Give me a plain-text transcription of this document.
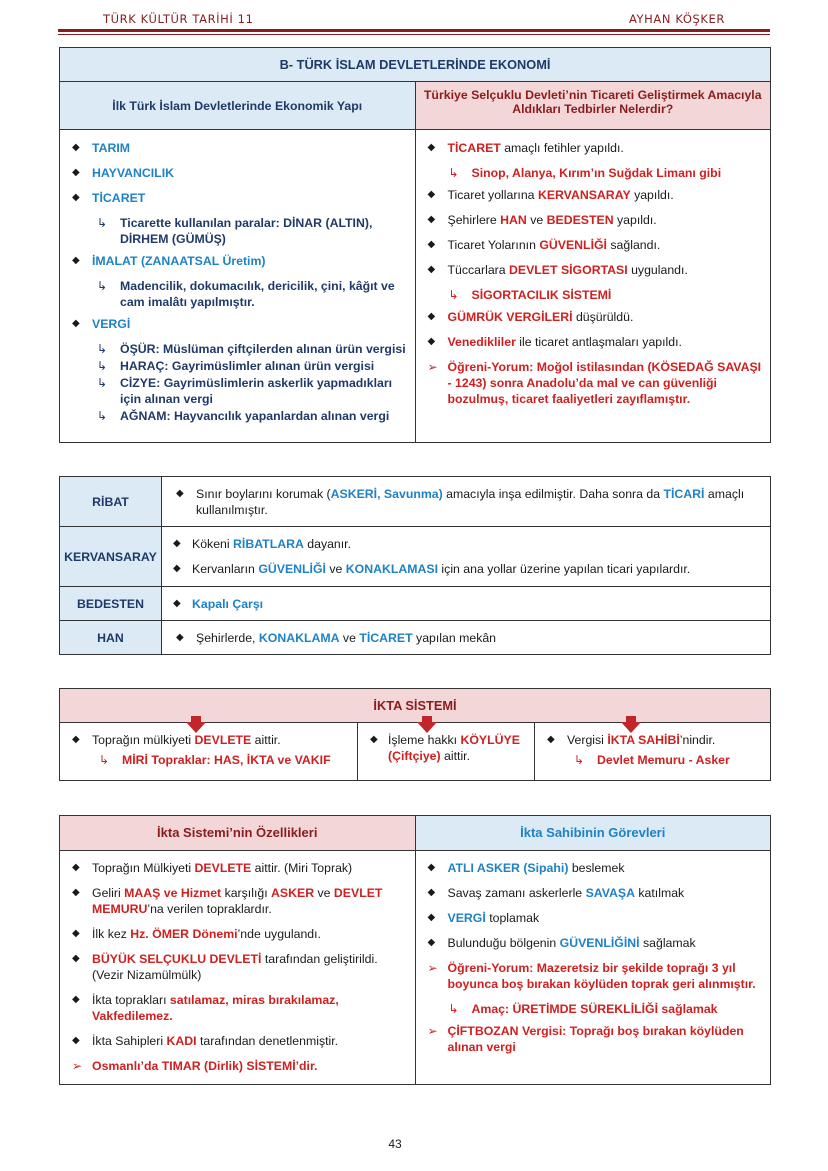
TÜRK KÜLTÜR TARİHİ 11	AYHAN KÖŞKER
B- TÜRK İSLAM DEVLETLERİNDE EKONOMİ
İlk Türk İslam Devletlerinde Ekonomik Yapı
Türkiye Selçuklu Devleti’nin Ticareti Geliştirmek Amacıyla Aldıkları Tedbirler Nelerdir?
◆ TARIM
◆ HAYVANCILIK
◆ TİCARET
↳ Ticarette kullanılan paralar: DİNAR (ALTIN), DİRHEM (GÜMÜŞ)
◆ İMALAT (ZANAATSAL Üretim)
↳ Madencilik, dokumacılık, dericilik, çini, kâğıt ve cam imalâtı yapılmıştır.
◆ VERGİ
↳ ÖŞÜR: Müslüman çiftçilerden alınan ürün vergisi
↳ HARAÇ: Gayrimüslimler alınan ürün vergisi
↳ CİZYE: Gayrimüslimlerin askerlik yapmadıkları için alınan vergi
↳ AĞNAM: Hayvancılık yapanlardan alınan vergi
◆ TİCARET amaçlı fetihler yapıldı.
↳ Sinop, Alanya, Kırım’ın Suğdak Limanı gibi
◆ Ticaret yollarına KERVANSARAY yapıldı.
◆ Şehirlere HAN ve BEDESTEN yapıldı.
◆ Ticaret Yolarının GÜVENLİĞİ sağlandı.
◆ Tüccarlara DEVLET SİGORTASI uygulandı.
↳ SİGORTACILIK SİSTEMİ
◆ GÜMRÜK VERGİLERİ düşürüldü.
◆ Venedikliler ile ticaret antlaşmaları yapıldı.
➢ Öğreni-Yorum: Moğol istilasından (KÖSEDAĞ SAVAŞI - 1243) sonra Anadolu’da mal ve can güvenliği bozulmuş, ticaret faaliyetleri zayıflamıştır.
RİBAT	◆ Sınır boylarını korumak (ASKERİ, Savunma) amacıyla inşa edilmiştir. Daha sonra da TİCARİ amaçlı kullanılmıştır.

KERVANSARAY	◆ Kökeni RİBATLARA dayanır.
◆ Kervanların GÜVENLİĞİ ve KONAKLAMASI için ana yollar üzerine yapılan ticari yapılardır.

BEDESTEN	◆ Kapalı Çarşı

HAN	◆ Şehirlerde, KONAKLAMA ve TİCARET yapılan mekân
İKTA SİSTEMİ
◆ Toprağın mülkiyeti DEVLETE aittir.
↳ MİRİ Topraklar: HAS, İKTA ve VAKIF
◆ İşleme hakkı KÖYLÜYE (Çiftçiye) aittir.
◆ Vergisi İKTA SAHİBİ’nindir.
↳ Devlet Memuru - Asker
İkta Sistemi’nin Özellikleri	İkta Sahibinin Görevleri
◆ Toprağın Mülkiyeti DEVLETE aittir. (Miri Toprak)
◆ Geliri MAAŞ ve Hizmet karşılığı ASKER ve DEVLET MEMURU’na verilen topraklardır.
◆ İlk kez Hz. ÖMER Dönemi’nde uygulandı.
◆ BÜYÜK SELÇUKLU DEVLETİ tarafından geliştirildi. (Vezir Nizamülmülk)
◆ İkta toprakları satılamaz, miras bırakılamaz, Vakfedilemez.
◆ İkta Sahipleri KADI tarafından denetlenmiştir.
➢ Osmanlı’da TIMAR (Dirlik) SİSTEMİ’dir.
◆ ATLI ASKER (Sipahi) beslemek
◆ Savaş zamanı askerlerle SAVAŞA katılmak
◆ VERGİ toplamak
◆ Bulunduğu bölgenin GÜVENLİĞİNİ sağlamak
➢ Öğreni-Yorum: Mazeretsiz bir şekilde toprağı 3 yıl boyunca boş bırakan köylüden toprak geri alınmıştır.
↳ Amaç: ÜRETİMDE SÜREKLİLİĞİ sağlamak
➢ ÇİFTBOZAN Vergisi: Toprağı boş bırakan köylüden alınan vergi
43
